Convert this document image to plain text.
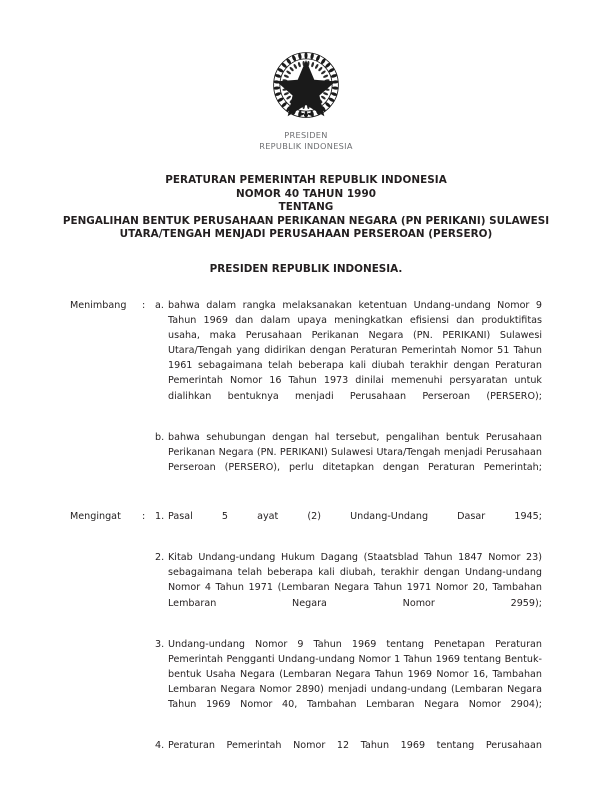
PRESIDEN
REPUBLIK INDONESIA
PERATURAN PEMERINTAH REPUBLIK INDONESIA
NOMOR 40 TAHUN 1990
TENTANG
PENGALIHAN BENTUK PERUSAHAAN PERIKANAN NEGARA (PN PERIKANI) SULAWESI
UTARA/TENGAH MENJADI PERUSAHAAN PERSEROAN (PERSERO)
PRESIDEN REPUBLIK INDONESIA.
Menimbang	:	a. bahwa dalam rangka melaksanakan ketentuan Undang-undang Nomor 9 Tahun 1969 dan dalam upaya meningkatkan efisiensi dan produktifitas usaha, maka Perusahaan Perikanan Negara (PN. PERIKANI) Sulawesi Utara/Tengah yang didirikan dengan Peraturan Pemerintah Nomor 51 Tahun 1961 sebagaimana telah beberapa kali diubah terakhir dengan Peraturan Pemerintah Nomor 16 Tahun 1973 dinilai memenuhi persyaratan untuk dialihkan bentuknya menjadi Perusahaan Perseroan (PERSERO);
b. bahwa sehubungan dengan hal tersebut, pengalihan bentuk Perusahaan Perikanan Negara (PN. PERIKANI) Sulawesi Utara/Tengah menjadi Perusahaan Perseroan (PERSERO), perlu ditetapkan dengan Peraturan Pemerintah;
Mengingat	:	1. Pasal 5 ayat (2) Undang-Undang Dasar 1945;
2. Kitab Undang-undang Hukum Dagang (Staatsblad Tahun 1847 Nomor 23) sebagaimana telah beberapa kali diubah, terakhir dengan Undang-undang Nomor 4 Tahun 1971 (Lembaran Negara Tahun 1971 Nomor 20, Tambahan Lembaran Negara Nomor 2959);
3. Undang-undang Nomor 9 Tahun 1969 tentang Penetapan Peraturan Pemerintah Pengganti Undang-undang Nomor 1 Tahun 1969 tentang Bentuk-bentuk Usaha Negara (Lembaran Negara Tahun 1969 Nomor 16, Tambahan Lembaran Negara Nomor 2890) menjadi undang-undang (Lembaran Negara Tahun 1969 Nomor 40, Tambahan Lembaran Negara Nomor 2904);
4. Peraturan Pemerintah Nomor 12 Tahun 1969 tentang Perusahaan
